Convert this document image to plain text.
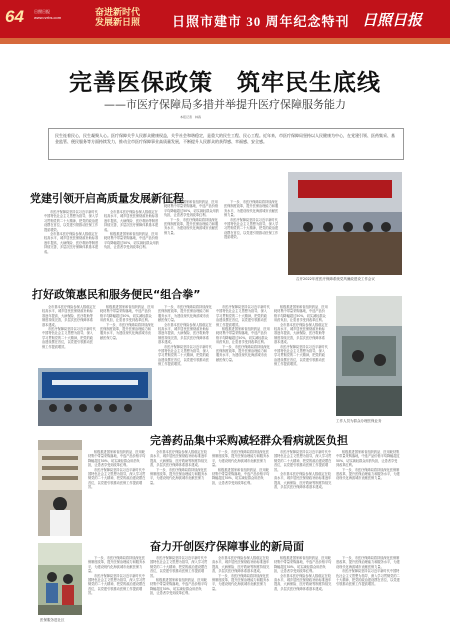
64	日照日报
www.rzrbs.com
奋进新时代
发展新日照	日照市建市 30 周年纪念特刊 日照日报
完善医保政策　筑牢民生底线
——市医疗保障局多措并举提升医疗保障服务能力
本报记者　林森

民生连着民心，民生凝聚人心。医疗保障关乎人民群众健康权益，关乎社会和谐稳定，是重大的民生工程、民心工程。近年来，市医疗保障局坚持以人民健康为中心，在党建引领、医药集采、基金监管、便民服务等方面持续发力，推动全市医疗保障事业高质量发展，不断提升人民群众的获得感、幸福感、安全感。

党建引领开启高质量发展新征程

市医疗保障局坚持以习近平新时代中国特色社会主义思想为指导，深入学习贯彻党的二十大精神，把党的政治建设摆在首位，以党建引领推动医保工作提质增效。

全市基本医疗保险参保人数稳定在较高水平，城乡居民医保财政补助标准逐年提高，大病保险、医疗救助等制度持续完善，多层次医疗保障体系基本建成。

全市基本医疗保险参保人数稳定在较高水平，城乡居民医保财政补助标准逐年提高，大病保险、医疗救助等制度持续完善，多层次医疗保障体系基本建成。

积极推进国家和省组织药品、医用耗材集中带量采购落地，中选产品价格平均降幅超过50%，切实减轻群众用药负担，让患者享受到改革红利。

积极推进国家和省组织药品、医用耗材集中带量采购落地，中选产品价格平均降幅超过50%，切实减轻群众用药负担，让患者享受到改革红利。

下一步，市医疗保障局将持续深化医保制度改革，提升医保治理能力和服务水平，为建设现代化海滨城市贡献医保力量。

下一步，市医疗保障局将持续深化医保制度改革，提升医保治理能力和服务水平，为建设现代化海滨城市贡献医保力量。

市医疗保障局坚持以习近平新时代中国特色社会主义思想为指导，深入学习贯彻党的二十大精神，把党的政治建设摆在首位，以党建引领推动医保工作提质增效。

召开2022年度医疗保障系统党风廉政建设工作会议
打好政策惠民和服务便民“组合拳”

全市基本医疗保险参保人数稳定在较高水平，城乡居民医保财政补助标准逐年提高，大病保险、医疗救助等制度持续完善，多层次医疗保障体系基本建成。

市医疗保障局坚持以习近平新时代中国特色社会主义思想为指导，深入学习贯彻党的二十大精神，把党的政治建设摆在首位，以党建引领推动医保工作提质增效。

积极推进国家和省组织药品、医用耗材集中带量采购落地，中选产品价格平均降幅超过50%，切实减轻群众用药负担，让患者享受到改革红利。

下一步，市医疗保障局将持续深化医保制度改革，提升医保治理能力和服务水平，为建设现代化海滨城市贡献医保力量。

下一步，市医疗保障局将持续深化医保制度改革，提升医保治理能力和服务水平，为建设现代化海滨城市贡献医保力量。

全市基本医疗保险参保人数稳定在较高水平，城乡居民医保财政补助标准逐年提高，大病保险、医疗救助等制度持续完善，多层次医疗保障体系基本建成。

市医疗保障局坚持以习近平新时代中国特色社会主义思想为指导，深入学习贯彻党的二十大精神，把党的政治建设摆在首位，以党建引领推动医保工作提质增效。

市医疗保障局坚持以习近平新时代中国特色社会主义思想为指导，深入学习贯彻党的二十大精神，把党的政治建设摆在首位，以党建引领推动医保工作提质增效。

积极推进国家和省组织药品、医用耗材集中带量采购落地，中选产品价格平均降幅超过50%，切实减轻群众用药负担，让患者享受到改革红利。

下一步，市医疗保障局将持续深化医保制度改革，提升医保治理能力和服务水平，为建设现代化海滨城市贡献医保力量。

积极推进国家和省组织药品、医用耗材集中带量采购落地，中选产品价格平均降幅超过50%，切实减轻群众用药负担，让患者享受到改革红利。

全市基本医疗保险参保人数稳定在较高水平，城乡居民医保财政补助标准逐年提高，大病保险、医疗救助等制度持续完善，多层次医疗保障体系基本建成。

市医疗保障局坚持以习近平新时代中国特色社会主义思想为指导，深入学习贯彻党的二十大精神，把党的政治建设摆在首位，以党建引领推动医保工作提质增效。

工作人员为群众办理医保业务
完善药品集中采购减轻群众看病就医负担

积极推进国家和省组织药品、医用耗材集中带量采购落地，中选产品价格平均降幅超过50%，切实减轻群众用药负担，让患者享受到改革红利。

市医疗保障局坚持以习近平新时代中国特色社会主义思想为指导，深入学习贯彻党的二十大精神，把党的政治建设摆在首位，以党建引领推动医保工作提质增效。

全市基本医疗保险参保人数稳定在较高水平，城乡居民医保财政补助标准逐年提高，大病保险、医疗救助等制度持续完善，多层次医疗保障体系基本建成。

下一步，市医疗保障局将持续深化医保制度改革，提升医保治理能力和服务水平，为建设现代化海滨城市贡献医保力量。

下一步，市医疗保障局将持续深化医保制度改革，提升医保治理能力和服务水平，为建设现代化海滨城市贡献医保力量。

积极推进国家和省组织药品、医用耗材集中带量采购落地，中选产品价格平均降幅超过50%，切实减轻群众用药负担，让患者享受到改革红利。

市医疗保障局坚持以习近平新时代中国特色社会主义思想为指导，深入学习贯彻党的二十大精神，把党的政治建设摆在首位，以党建引领推动医保工作提质增效。

全市基本医疗保险参保人数稳定在较高水平，城乡居民医保财政补助标准逐年提高，大病保险、医疗救助等制度持续完善，多层次医疗保障体系基本建成。

积极推进国家和省组织药品、医用耗材集中带量采购落地，中选产品价格平均降幅超过50%，切实减轻群众用药负担，让患者享受到改革红利。

下一步，市医疗保障局将持续深化医保制度改革，提升医保治理能力和服务水平，为建设现代化海滨城市贡献医保力量。

奋力开创医疗保障事业的新局面

下一步，市医疗保障局将持续深化医保制度改革，提升医保治理能力和服务水平，为建设现代化海滨城市贡献医保力量。

市医疗保障局坚持以习近平新时代中国特色社会主义思想为指导，深入学习贯彻党的二十大精神，把党的政治建设摆在首位，以党建引领推动医保工作提质增效。

市医疗保障局坚持以习近平新时代中国特色社会主义思想为指导，深入学习贯彻党的二十大精神，把党的政治建设摆在首位，以党建引领推动医保工作提质增效。

积极推进国家和省组织药品、医用耗材集中带量采购落地，中选产品价格平均降幅超过50%，切实减轻群众用药负担，让患者享受到改革红利。

全市基本医疗保险参保人数稳定在较高水平，城乡居民医保财政补助标准逐年提高，大病保险、医疗救助等制度持续完善，多层次医疗保障体系基本建成。

下一步，市医疗保障局将持续深化医保制度改革，提升医保治理能力和服务水平，为建设现代化海滨城市贡献医保力量。

积极推进国家和省组织药品、医用耗材集中带量采购落地，中选产品价格平均降幅超过50%，切实减轻群众用药负担，让患者享受到改革红利。

全市基本医疗保险参保人数稳定在较高水平，城乡居民医保财政补助标准逐年提高，大病保险、医疗救助等制度持续完善，多层次医疗保障体系基本建成。

下一步，市医疗保障局将持续深化医保制度改革，提升医保治理能力和服务水平，为建设现代化海滨城市贡献医保力量。

市医疗保障局坚持以习近平新时代中国特色社会主义思想为指导，深入学习贯彻党的二十大精神，把党的政治建设摆在首位，以党建引领推动医保工作提质增效。

医保服务进社区
